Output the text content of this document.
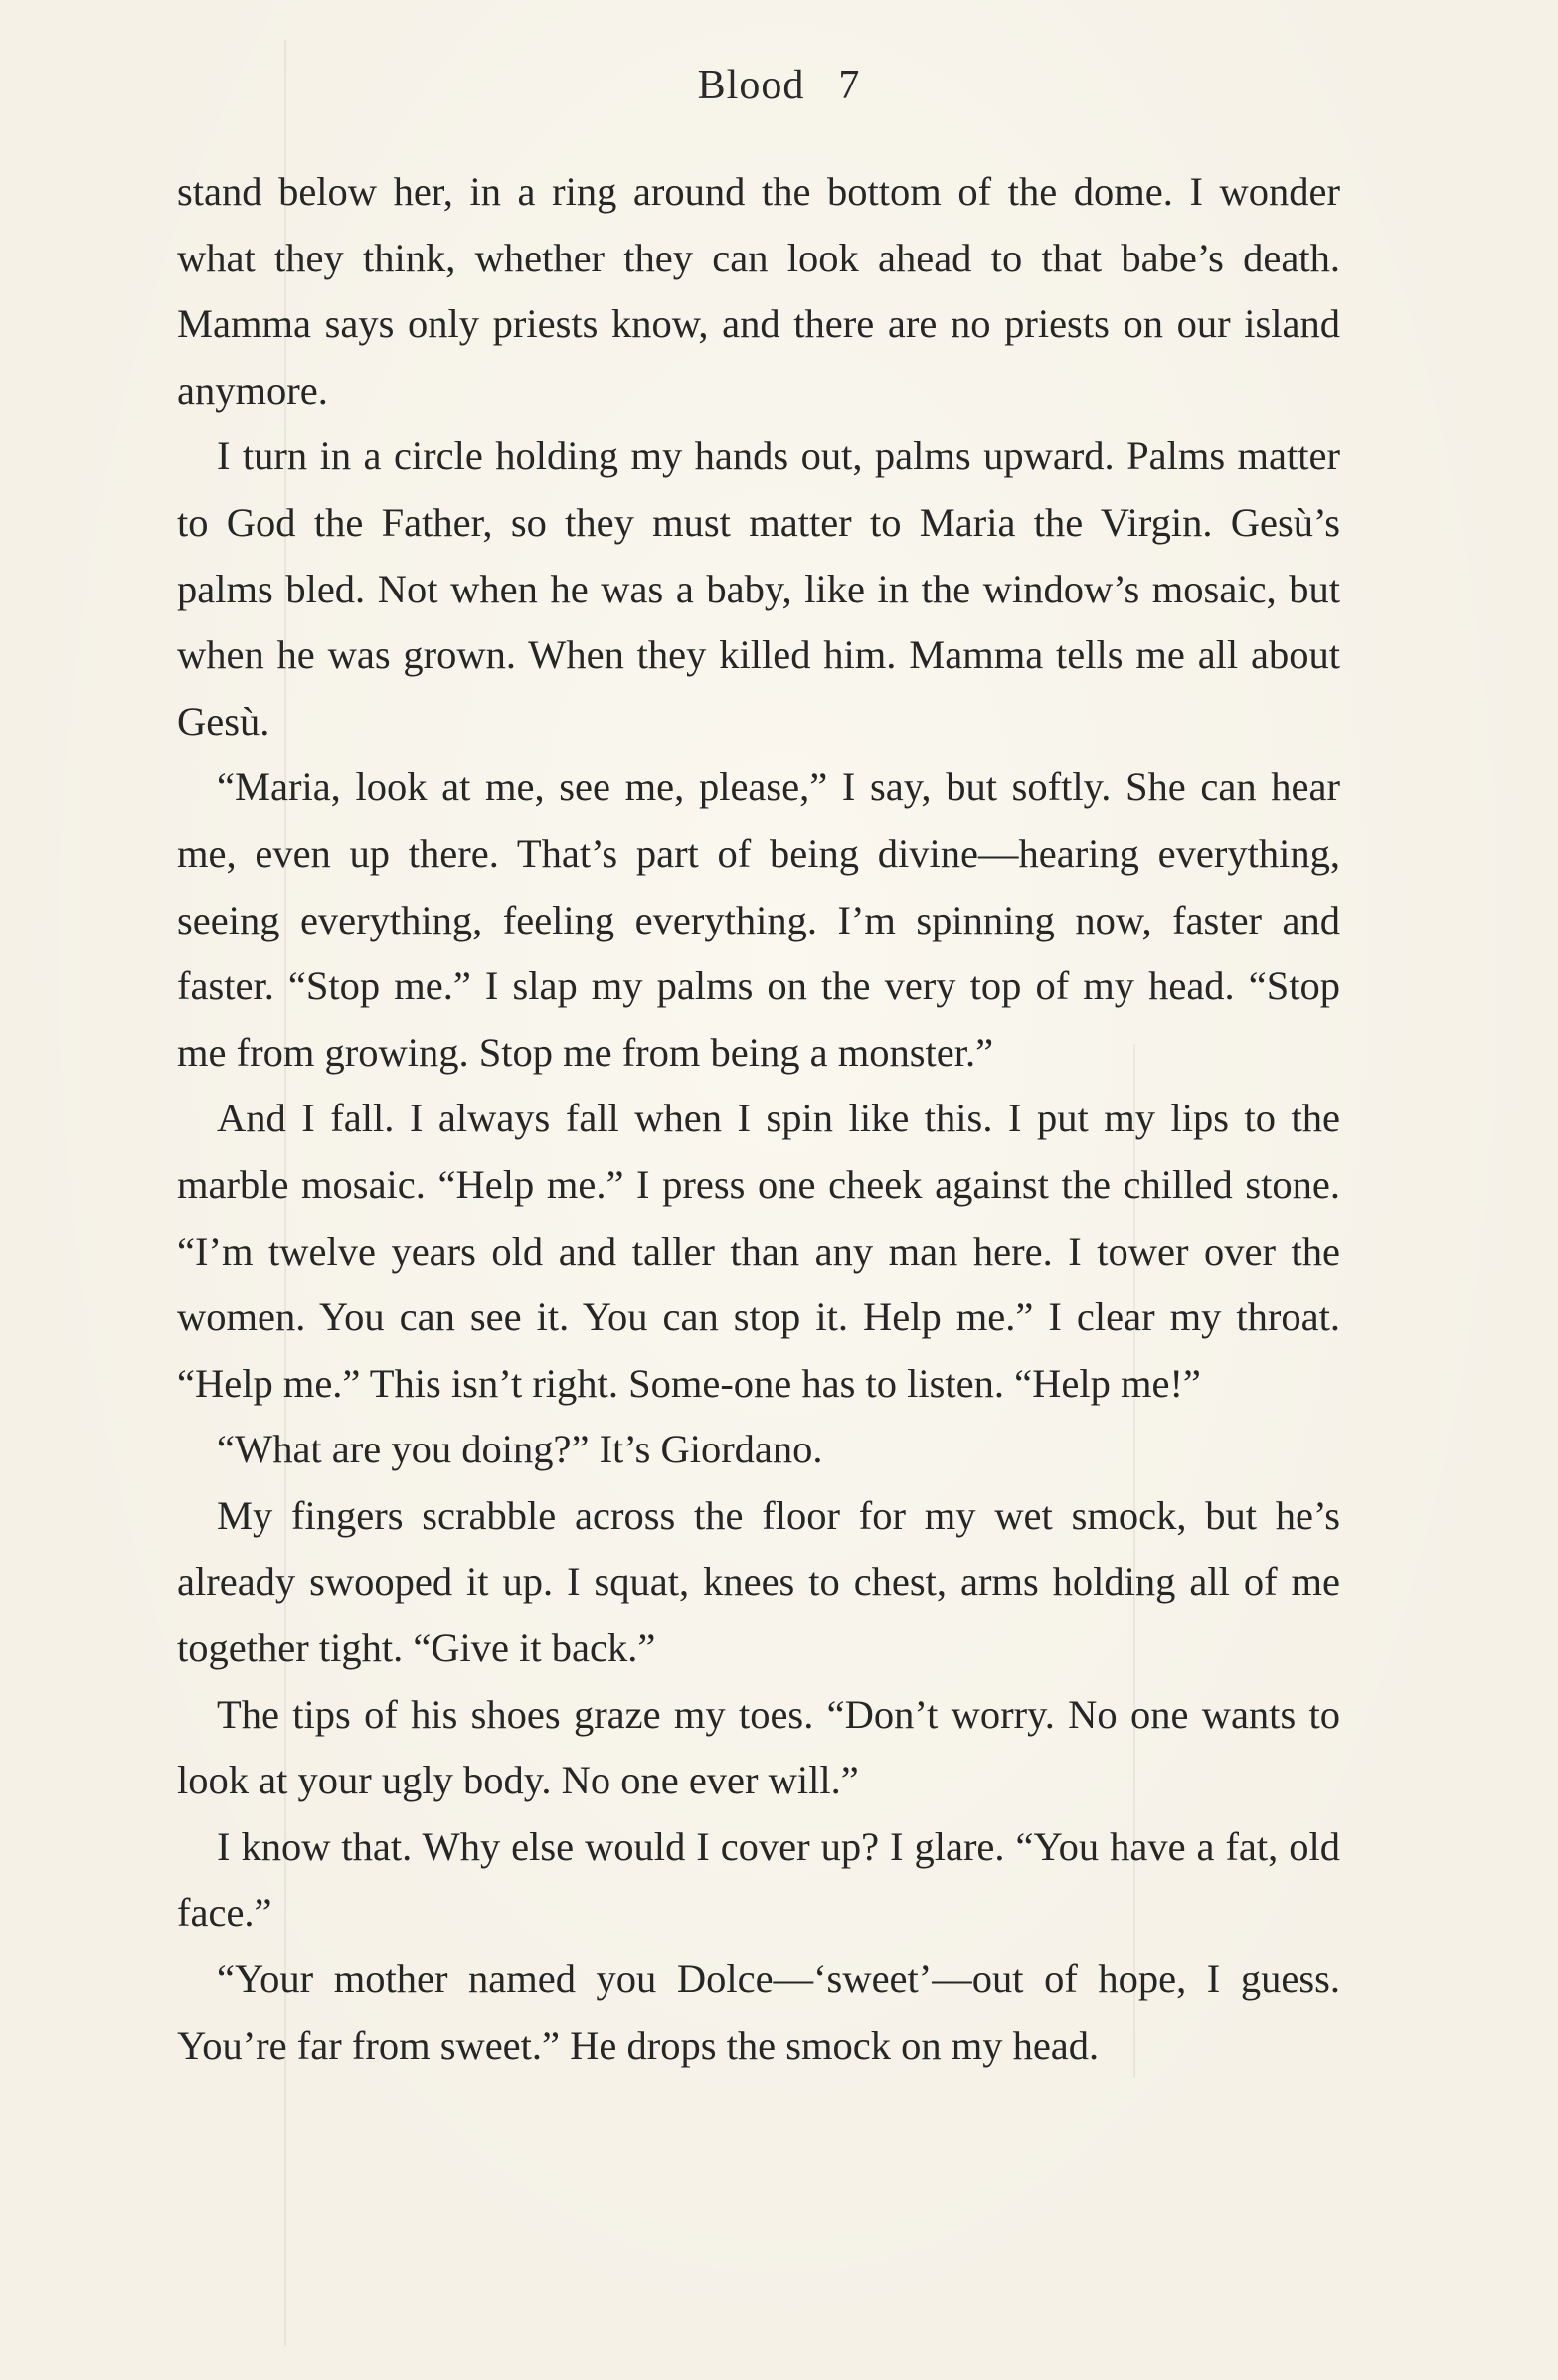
Blood 7

stand below her, in a ring around the bottom of the dome. I wonder what they think, whether they can look ahead to that babe’s death. Mamma says only priests know, and there are no priests on our island anymore.

I turn in a circle holding my hands out, palms upward. Palms matter to God the Father, so they must matter to Maria the Virgin. Gesù’s palms bled. Not when he was a baby, like in the window’s mosaic, but when he was grown. When they killed him. Mamma tells me all about Gesù.

“Maria, look at me, see me, please,” I say, but softly. She can hear me, even up there. That’s part of being divine—hearing everything, seeing everything, feeling everything. I’m spinning now, faster and faster. “Stop me.” I slap my palms on the very top of my head. “Stop me from growing. Stop me from being a monster.”

And I fall. I always fall when I spin like this. I put my lips to the marble mosaic. “Help me.” I press one cheek against the chilled stone. “I’m twelve years old and taller than any man here. I tower over the women. You can see it. You can stop it. Help me.” I clear my throat. “Help me.” This isn’t right. Some-one has to listen. “Help me!”

“What are you doing?” It’s Giordano.

My fingers scrabble across the floor for my wet smock, but he’s already swooped it up. I squat, knees to chest, arms holding all of me together tight. “Give it back.”

The tips of his shoes graze my toes. “Don’t worry. No one wants to look at your ugly body. No one ever will.”

I know that. Why else would I cover up? I glare. “You have a fat, old face.”

“Your mother named you Dolce—‘sweet’—out of hope, I guess. You’re far from sweet.” He drops the smock on my head.
